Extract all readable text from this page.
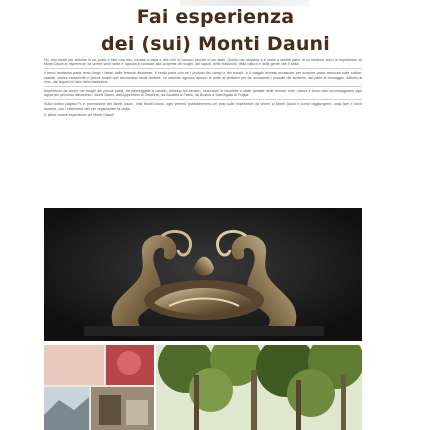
Fai esperienza
dei (sui) Monti Dauni

No, non basta più arrivare in un posto e fare una foto, tornare a casa e dire che lo conosci perché ci sei stato. Quello che stupisce e ti porta a sentirti parte di un territorio sono le esperienze. Ai Monti Dauni le esperienze da vivere sono tante e ognuna ti conduce alla scoperta dei luoghi, dei sapori, delle tradizioni, della natura e della gente che li abita.

Il treno fantasma parte lento lungo i binari delle ferrovie dismesse, il vento porta con sé i profumi dei campi e dei boschi, e il viaggio diventa occasione per scoprire paesi arroccati sulle colline, castelli, chiese romaniche e piccoli musei che raccontano storie antiche. Le aziende agricole aprono le porte ai visitatori per far conoscere i prodotti del territorio, dal pane al formaggio, dall'olio al vino, dai legumi ai dolci della tradizione.

Esperienze da vivere nei borghi dei piccoli paesi, tra passeggiate a cavallo, trekking sui sentieri, escursioni in bicicletta e visite guidate nelle foreste. Arte, natura e buon cibo accompagnano ogni tappa del percorso attraverso i Monti Dauni, dall'Appennino al Tavoliere, da Accadia a Faeto, da Bovino a Sant'Agata di Puglia.

Sulla nostra pagina Fb è promozione dei Monti Dauni, Visit Monti Dauni, ogni venerdì pubblicheremo un post sulle esperienze da vivere ai Monti Dauni e come raggiungerle, cosa fare e dove dormire, con i riferimenti utili per organizzare la visita.

E allora buone esperienze sui Monti Dauni!
